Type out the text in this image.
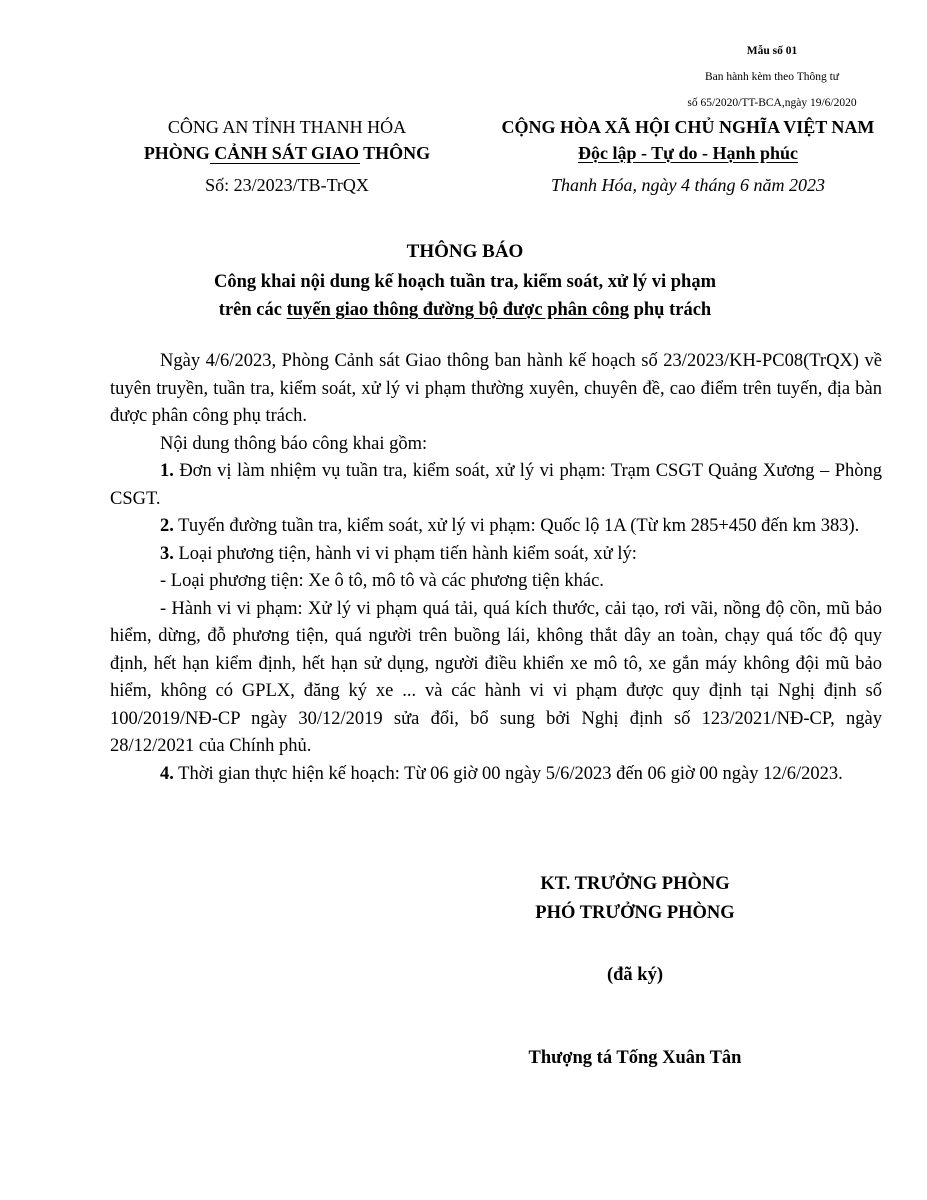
Mẫu số 01
Ban hành kèm theo Thông tư
số 65/2020/TT-BCA,ngày 19/6/2020
CÔNG AN TỈNH THANH HÓA
PHÒNG CẢNH SÁT GIAO THÔNG
Số: 23/2023/TB-TrQX
CỘNG HÒA XÃ HỘI CHỦ NGHĨA VIỆT NAM
Độc lập - Tự do - Hạnh phúc
Thanh Hóa, ngày 4 tháng 6 năm 2023
THÔNG BÁO
Công khai nội dung kế hoạch tuần tra, kiểm soát, xử lý vi phạm
trên các tuyến giao thông đường bộ được phân công phụ trách

Ngày 4/6/2023, Phòng Cảnh sát Giao thông ban hành kế hoạch số 23/2023/KH-PC08(TrQX) về tuyên truyền, tuần tra, kiểm soát, xử lý vi phạm thường xuyên, chuyên đề, cao điểm trên tuyến, địa bàn được phân công phụ trách.

Nội dung thông báo công khai gồm:

1. Đơn vị làm nhiệm vụ tuần tra, kiểm soát, xử lý vi phạm: Trạm CSGT Quảng Xương – Phòng CSGT.

2. Tuyến đường tuần tra, kiểm soát, xử lý vi phạm: Quốc lộ 1A (Từ km 285+450 đến km 383).

3. Loại phương tiện, hành vi vi phạm tiến hành kiểm soát, xử lý:

- Loại phương tiện: Xe ô tô, mô tô và các phương tiện khác.

- Hành vi vi phạm: Xử lý vi phạm quá tải, quá kích thước, cải tạo, rơi vãi, nồng độ cồn, mũ bảo hiểm, dừng, đỗ phương tiện, quá người trên buồng lái, không thắt dây an toàn, chạy quá tốc độ quy định, hết hạn kiểm định, hết hạn sử dụng, người điều khiển xe mô tô, xe gắn máy không đội mũ bảo hiểm, không có GPLX, đăng ký xe ... và các hành vi vi phạm được quy định tại Nghị định số 100/2019/NĐ-CP ngày 30/12/2019 sửa đổi, bổ sung bởi Nghị định số 123/2021/NĐ-CP, ngày 28/12/2021 của Chính phủ.

4. Thời gian thực hiện kế hoạch: Từ 06 giờ 00 ngày 5/6/2023 đến 06 giờ 00 ngày 12/6/2023.

KT. TRƯỞNG PHÒNG
PHÓ TRƯỞNG PHÒNG
(đã ký)
Thượng tá Tống Xuân Tân
